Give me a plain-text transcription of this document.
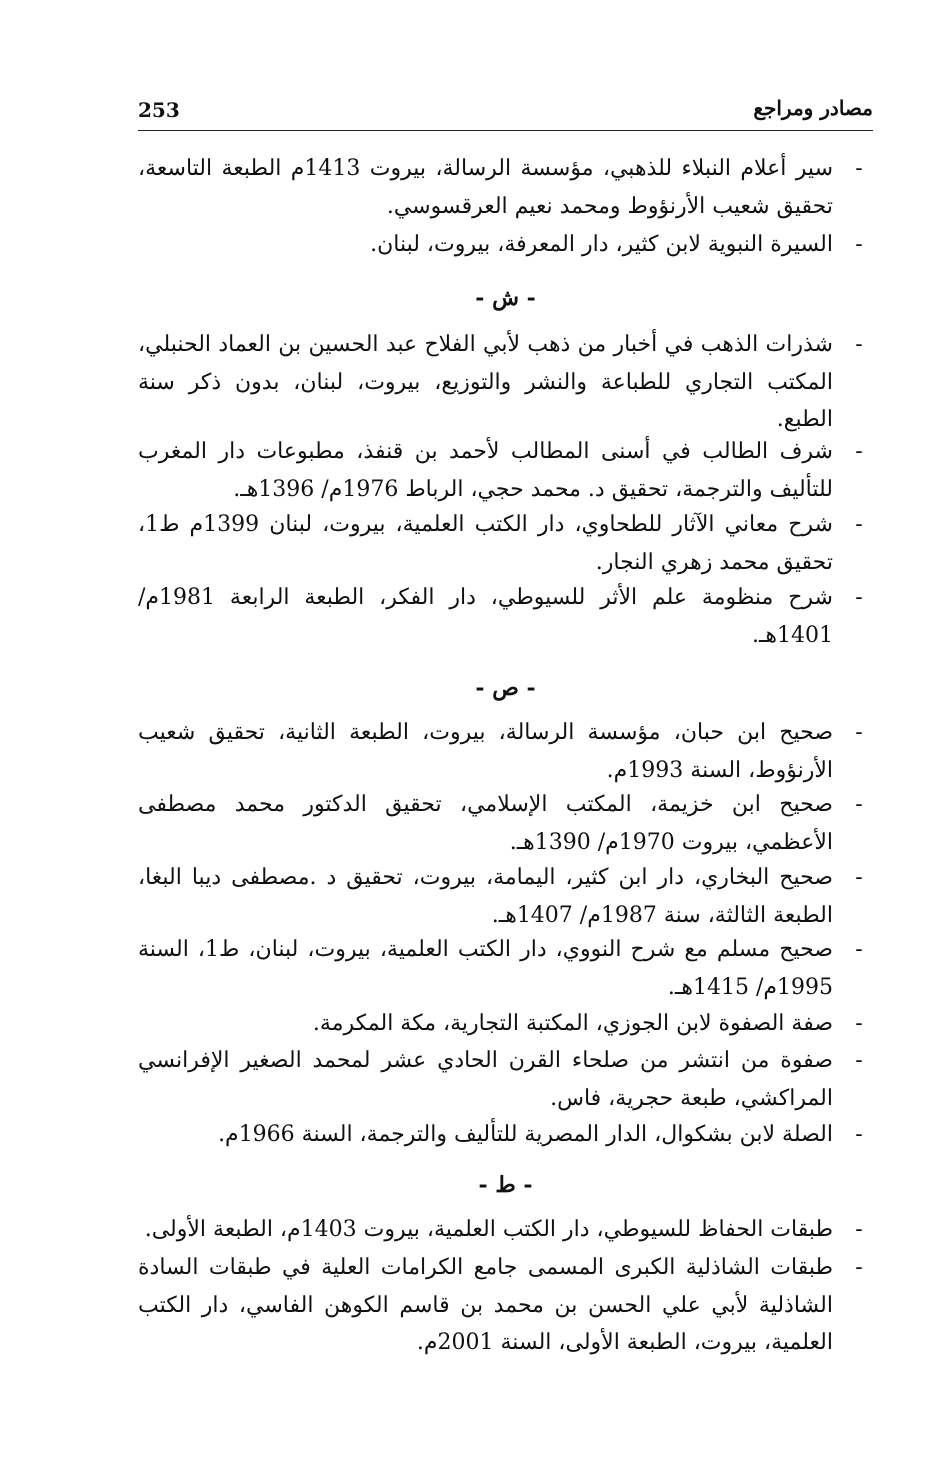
253	مصادر ومراجع
-
سير أعلام النبلاء للذهبي، مؤسسة الرسالة، بيروت 1413م الطبعة التاسعة، تحقيق شعيب الأرنؤوط ومحمد نعيم العرقسوسي.
-
السيرة النبوية لابن كثير، دار المعرفة، بيروت، لبنان.
- ش -
-
شذرات الذهب في أخبار من ذهب لأبي الفلاح عبد الحسين بن العماد الحنبلي، المكتب التجاري للطباعة والنشر والتوزيع، بيروت، لبنان، بدون ذكر سنة الطبع.
-
شرف الطالب في أسنى المطالب لأحمد بن قنفذ، مطبوعات دار المغرب للتأليف والترجمة، تحقيق د. محمد حجي، الرباط 1976م/ 1396هـ.
-
شرح معاني الآثار للطحاوي، دار الكتب العلمية، بيروت، لبنان 1399م ط1، تحقيق محمد زهري النجار.
-
شرح منظومة علم الأثر للسيوطي، دار الفكر، الطبعة الرابعة 1981م/ 1401هـ.
- ص -
-
صحيح ابن حبان، مؤسسة الرسالة، بيروت، الطبعة الثانية، تحقيق شعيب الأرنؤوط، السنة 1993م.
-
صحيح ابن خزيمة، المكتب الإسلامي، تحقيق الدكتور محمد مصطفى الأعظمي، بيروت 1970م/ 1390هـ.
-
صحيح البخاري، دار ابن كثير، اليمامة، بيروت، تحقيق د .مصطفى ديبا البغا، الطبعة الثالثة، سنة 1987م/ 1407هـ.
-
صحيح مسلم مع شرح النووي، دار الكتب العلمية، بيروت، لبنان، ط1، السنة 1995م/ 1415هـ.
-
صفة الصفوة لابن الجوزي، المكتبة التجارية، مكة المكرمة.
-
صفوة من انتشر من صلحاء القرن الحادي عشر لمحمد الصغير الإفرانسي المراكشي، طبعة حجرية، فاس.
-
الصلة لابن بشكوال، الدار المصرية للتأليف والترجمة، السنة 1966م.
- ط -
-
طبقات الحفاظ للسيوطي، دار الكتب العلمية، بيروت 1403م، الطبعة الأولى.
-
طبقات الشاذلية الكبرى المسمى جامع الكرامات العلية في طبقات السادة الشاذلية لأبي علي الحسن بن محمد بن قاسم الكوهن الفاسي، دار الكتب العلمية، بيروت، الطبعة الأولى، السنة 2001م.
